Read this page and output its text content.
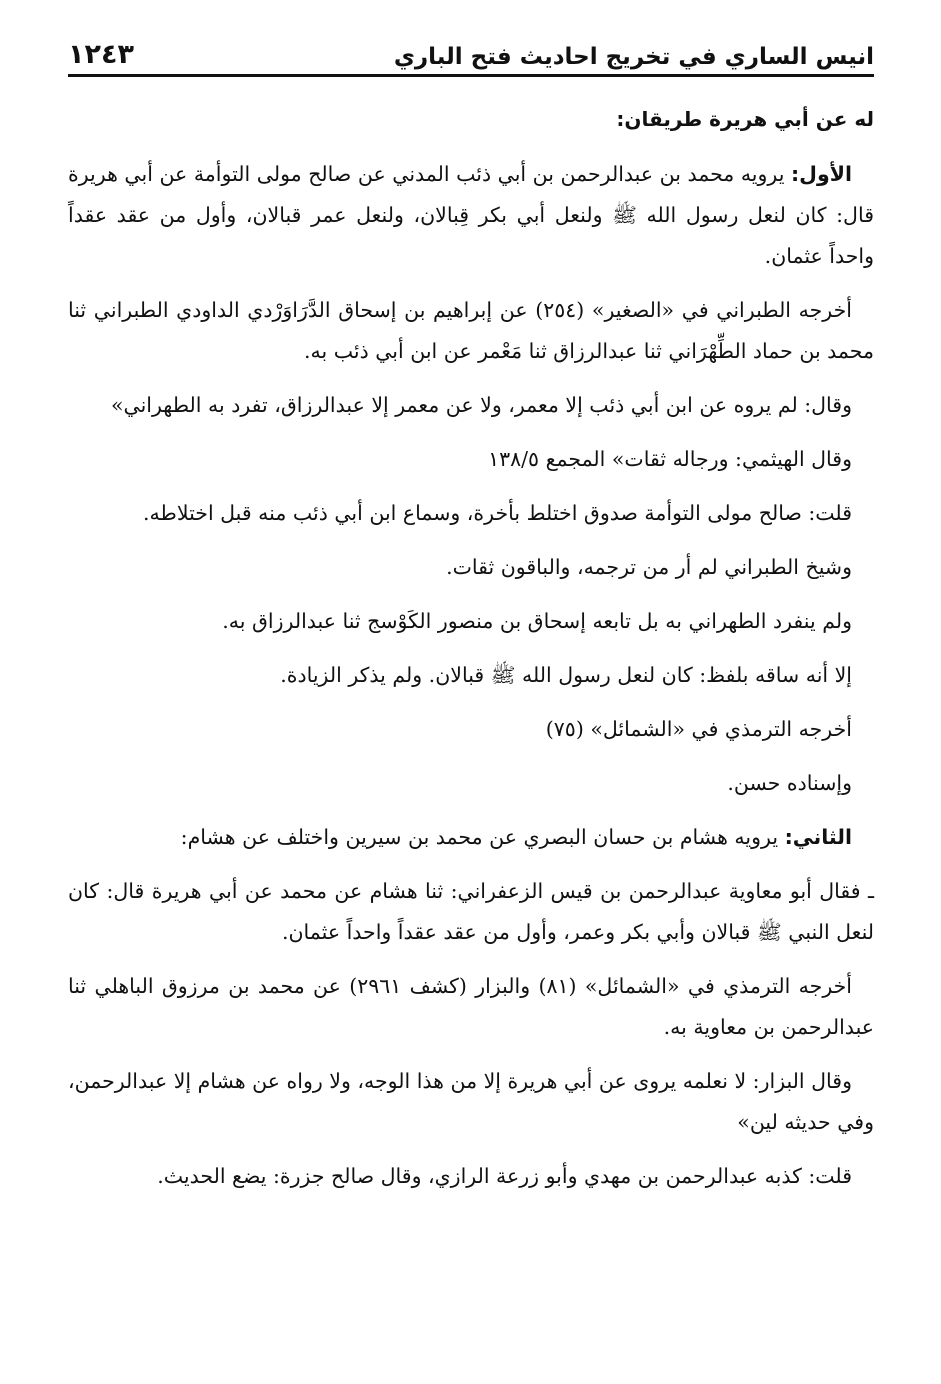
انيس الساري في تخريج احاديث فتح الباري
١٢٤٣

له عن أبي هريرة طريقان:

الأول: يرويه محمد بن عبدالرحمن بن أبي ذئب المدني عن صالح مولى التوأمة عن أبي هريرة قال: كان لنعل رسول الله ﷺ ولنعل أبي بكر قِبالان، ولنعل عمر قبالان، وأول من عقد عقداً واحداً عثمان.

أخرجه الطبراني في «الصغير» (٢٥٤) عن إبراهيم بن إسحاق الدَّرَاوَرْدي الداودي الطبراني ثنا محمد بن حماد الطِّهْرَاني ثنا عبدالرزاق ثنا مَعْمر عن ابن أبي ذئب به.

وقال: لم يروه عن ابن أبي ذئب إلا معمر، ولا عن معمر إلا عبدالرزاق، تفرد به الطهراني»

وقال الهيثمي: ورجاله ثقات» المجمع ١٣٨/٥

قلت: صالح مولى التوأمة صدوق اختلط بأخرة، وسماع ابن أبي ذئب منه قبل اختلاطه.

وشيخ الطبراني لم أر من ترجمه، والباقون ثقات.

ولم ينفرد الطهراني به بل تابعه إسحاق بن منصور الكَوْسج ثنا عبدالرزاق به.

إلا أنه ساقه بلفظ: كان لنعل رسول الله ﷺ قبالان. ولم يذكر الزيادة.

أخرجه الترمذي في «الشمائل» (٧٥)

وإسناده حسن.

الثاني: يرويه هشام بن حسان البصري عن محمد بن سيرين واختلف عن هشام:

ـ فقال أبو معاوية عبدالرحمن بن قيس الزعفراني: ثنا هشام عن محمد عن أبي هريرة قال: كان لنعل النبي ﷺ قبالان وأبي بكر وعمر، وأول من عقد عقداً واحداً عثمان.

أخرجه الترمذي في «الشمائل» (٨١) والبزار (كشف ٢٩٦١) عن محمد بن مرزوق الباهلي ثنا عبدالرحمن بن معاوية به.

وقال البزار: لا نعلمه يروى عن أبي هريرة إلا من هذا الوجه، ولا رواه عن هشام إلا عبدالرحمن، وفي حديثه لين»

قلت: كذبه عبدالرحمن بن مهدي وأبو زرعة الرازي، وقال صالح جزرة: يضع الحديث.
